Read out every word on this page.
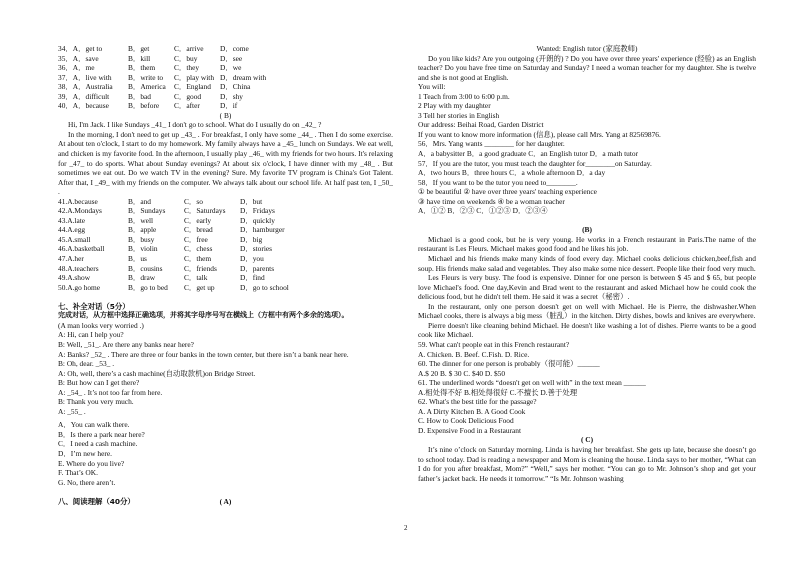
34．A．get to	B．get	C．arrive D．come
35．A．save	B．kill	C．buy	D．see
36．A．me	B．them	C．they	D．we
37．A．live with B．write to C．play with D．dream with
38．A．Australia B．America C．England D．China
39．A．difficult	B．bad	C．good	D．shy
40．A．because	B．before C．after	D．if
( B)
Hi, I'm Jack. I like Sundays _41_ I don't go to school. What do I usually do on _42_ ?
In the morning, I don't need to get up _43_ . For breakfast, I only have some _44_ . Then I do some exercise. At about ten o'clock, I start to do my homework. My family always have a _45_ lunch on Sundays. We eat well, and chicken is my favorite food. In the afternoon, I usually play _46_ with my friends for two hours. It's relaxing for _47_ to do sports. What about Sunday evenings? At about six o'clock, I have dinner with my _48_ . But sometimes we eat out. Do we watch TV in the evening? Sure. My favorite TV program is China's Got Talent. After that, I _49_ with my friends on the computer. We always talk about our school life. At half past ten, I _50_ .
41.A.because	B．and	C．so	D．but
42.A.Mondays	B．Sundays	C．Saturdays D．Fridays
43.A.late	B．well	C．early	D．quickly
44.A.egg	B．apple	C．bread	D．hamburger
45.A.small	B．busy	C．free	D．big
46.A.basketball	B．violin	C．chess	D．stories
47.A.her	B．us	C．them	D．you
48.A.teachers	B．cousins	C．friends	D．parents
49.A.show	B．draw	C．talk	D．find
50.A.go home	B．go to bed C．get up	D．go to school
七、补全对话（5分）
完成对话，从方框中选择正确选项，并将其字母序号写在横线上（方框中有两个多余的选项）。
(A man looks very worried .)
A: Hi, can I help you?
B: Well, _51_. Are there any banks near here?
A: Banks? _52_ . There are three or four banks in the town center, but there isn’t a bank near here.
B: Oh, dear. _53_ .
A: Oh, well, there’s a cash machine(自动取款机)on Bridge Street.
B: But how can I get there?
A: _54_ . It’s not too far from here.
B: Thank you very much.
A: _55_ .
A．You can walk there.
B．Is there a park near here?
C．I need a cash machine.
D．I’m new here.
E. Where do you live?
F. That’s OK.
G. No, there aren’t.
八、阅读理解（40分）	( A)
Wanted: English tutor (家庭教师)
Do you like kids? Are you outgoing (开朗的) ? Do you have over three years' experience (经验) as an English teacher? Do you have free time on Saturday and Sunday? I need a woman teacher for my daughter. She is twelve and she is not good at English.
You will:
1 Teach from 3:00 to 6:00 p.m.
2 Play with my daughter
3 Tell her stories in English
Our address: Beihai Road, Garden District
If you want to know more information (信息), please call Mrs. Yang at 82569876.
56．Mrs. Yang wants ________ for her daughter.
A．a babysitter B．a good graduate C．an English tutor D．a math tutor
57．If you are the tutor, you must teach the daughter for________on Saturday.
A．two hours B．three hours C．a whole afternoon D．a day
58．If you want to be the tutor you need to________.
① be beautiful ② have over three years' teaching experience
③ have time on weekends ④ be a woman teacher
A．①② B．②③ C．①②③ D．②③④
(B)
Michael is a good cook, but he is very young. He works in a French restaurant in Paris.The name of the restaurant is Les Fleurs. Michael makes good food and he likes his job.
Michael and his friends make many kinds of food every day. Michael cooks delicious chicken,beef,fish and soup. His friends make salad and vegetables. They also make some nice dessert. People like their food very much.
Les Fleurs is very busy. The food is expensive. Dinner for one person is between $ 45 and $ 65, but people love Michael's food. One day,Kevin and Brad went to the restaurant and asked Michael how he could cook the delicious food, but he didn't tell them. He said it was a secret（秘密）.
In the restaurant, only one person doesn't get on well with Michael. He is Pierre, the dishwasher.When Michael cooks, there is always a big mess（脏乱）in the kitchen. Dirty dishes, bowls and knives are everywhere.
Pierre doesn't like cleaning behind Michael. He doesn't like washing a lot of dishes. Pierre wants to be a good cook like Michael.
59. What can't people eat in this French restaurant?
A. Chicken. B. Beef. C.Fish. D. Rice.
60. The dinner for one person is probably（很可能）______
A.$ 20 B. $ 30 C. $40 D. $50
61. The underlined words “doesn't get on well with” in the text mean ______
A.相处得不好 B.相处得很好 C.不擅长 D.善于处理
62. What's the best title for the passage?
A. A Dirty Kitchen B. A Good Cook
C. How to Cook Delicious Food
D. Expensive Food in a Restaurant
( C)
It’s nine o’clock on Saturday morning. Linda is having her breakfast. She gets up late, because she doesn’t go to school today. Dad is reading a newspaper and Mom is cleaning the house. Linda says to her mother, “What can I do for you after breakfast, Mom?” “Well,” says her mother. “You can go to Mr. Johnson’s shop and get your father’s jacket back. He needs it tomorrow.” “Is Mr. Johnson washing
2
